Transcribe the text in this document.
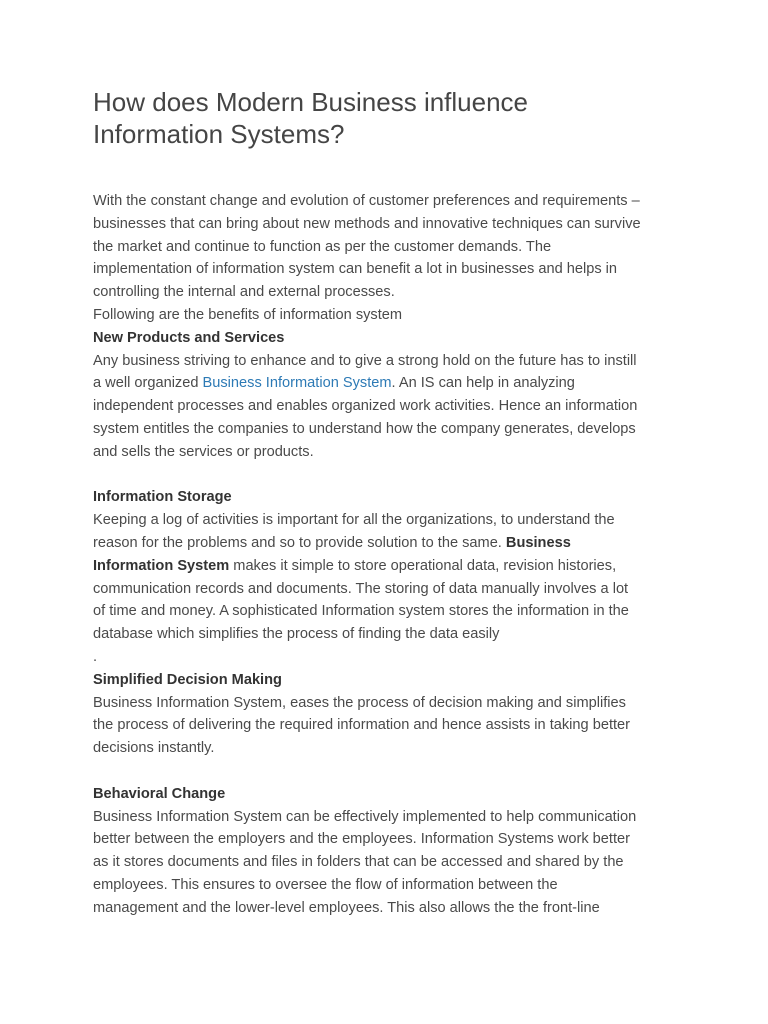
How does Modern Business influence
Information Systems?

With the constant change and evolution of customer preferences and requirements –

businesses that can bring about new methods and innovative techniques can survive

the market and continue to function as per the customer demands. The

implementation of information system can benefit a lot in businesses and helps in

controlling the internal and external processes.

Following are the benefits of information system

New Products and Services

Any business striving to enhance and to give a strong hold on the future has to instill

a well organized Business Information System. An IS can help in analyzing

independent processes and enables organized work activities. Hence an information

system entitles the companies to understand how the company generates, develops

and sells the services or products.

Information Storage

Keeping a log of activities is important for all the organizations, to understand the

reason for the problems and so to provide solution to the same. Business

Information System makes it simple to store operational data, revision histories,

communication records and documents. The storing of data manually involves a lot

of time and money. A sophisticated Information system stores the information in the

database which simplifies the process of finding the data easily

.

Simplified Decision Making

Business Information System, eases the process of decision making and simplifies

the process of delivering the required information and hence assists in taking better

decisions instantly.

Behavioral Change

Business Information System can be effectively implemented to help communication

better between the employers and the employees. Information Systems work better

as it stores documents and files in folders that can be accessed and shared by the

employees. This ensures to oversee the flow of information between the

management and the lower-level employees. This also allows the the front-line
